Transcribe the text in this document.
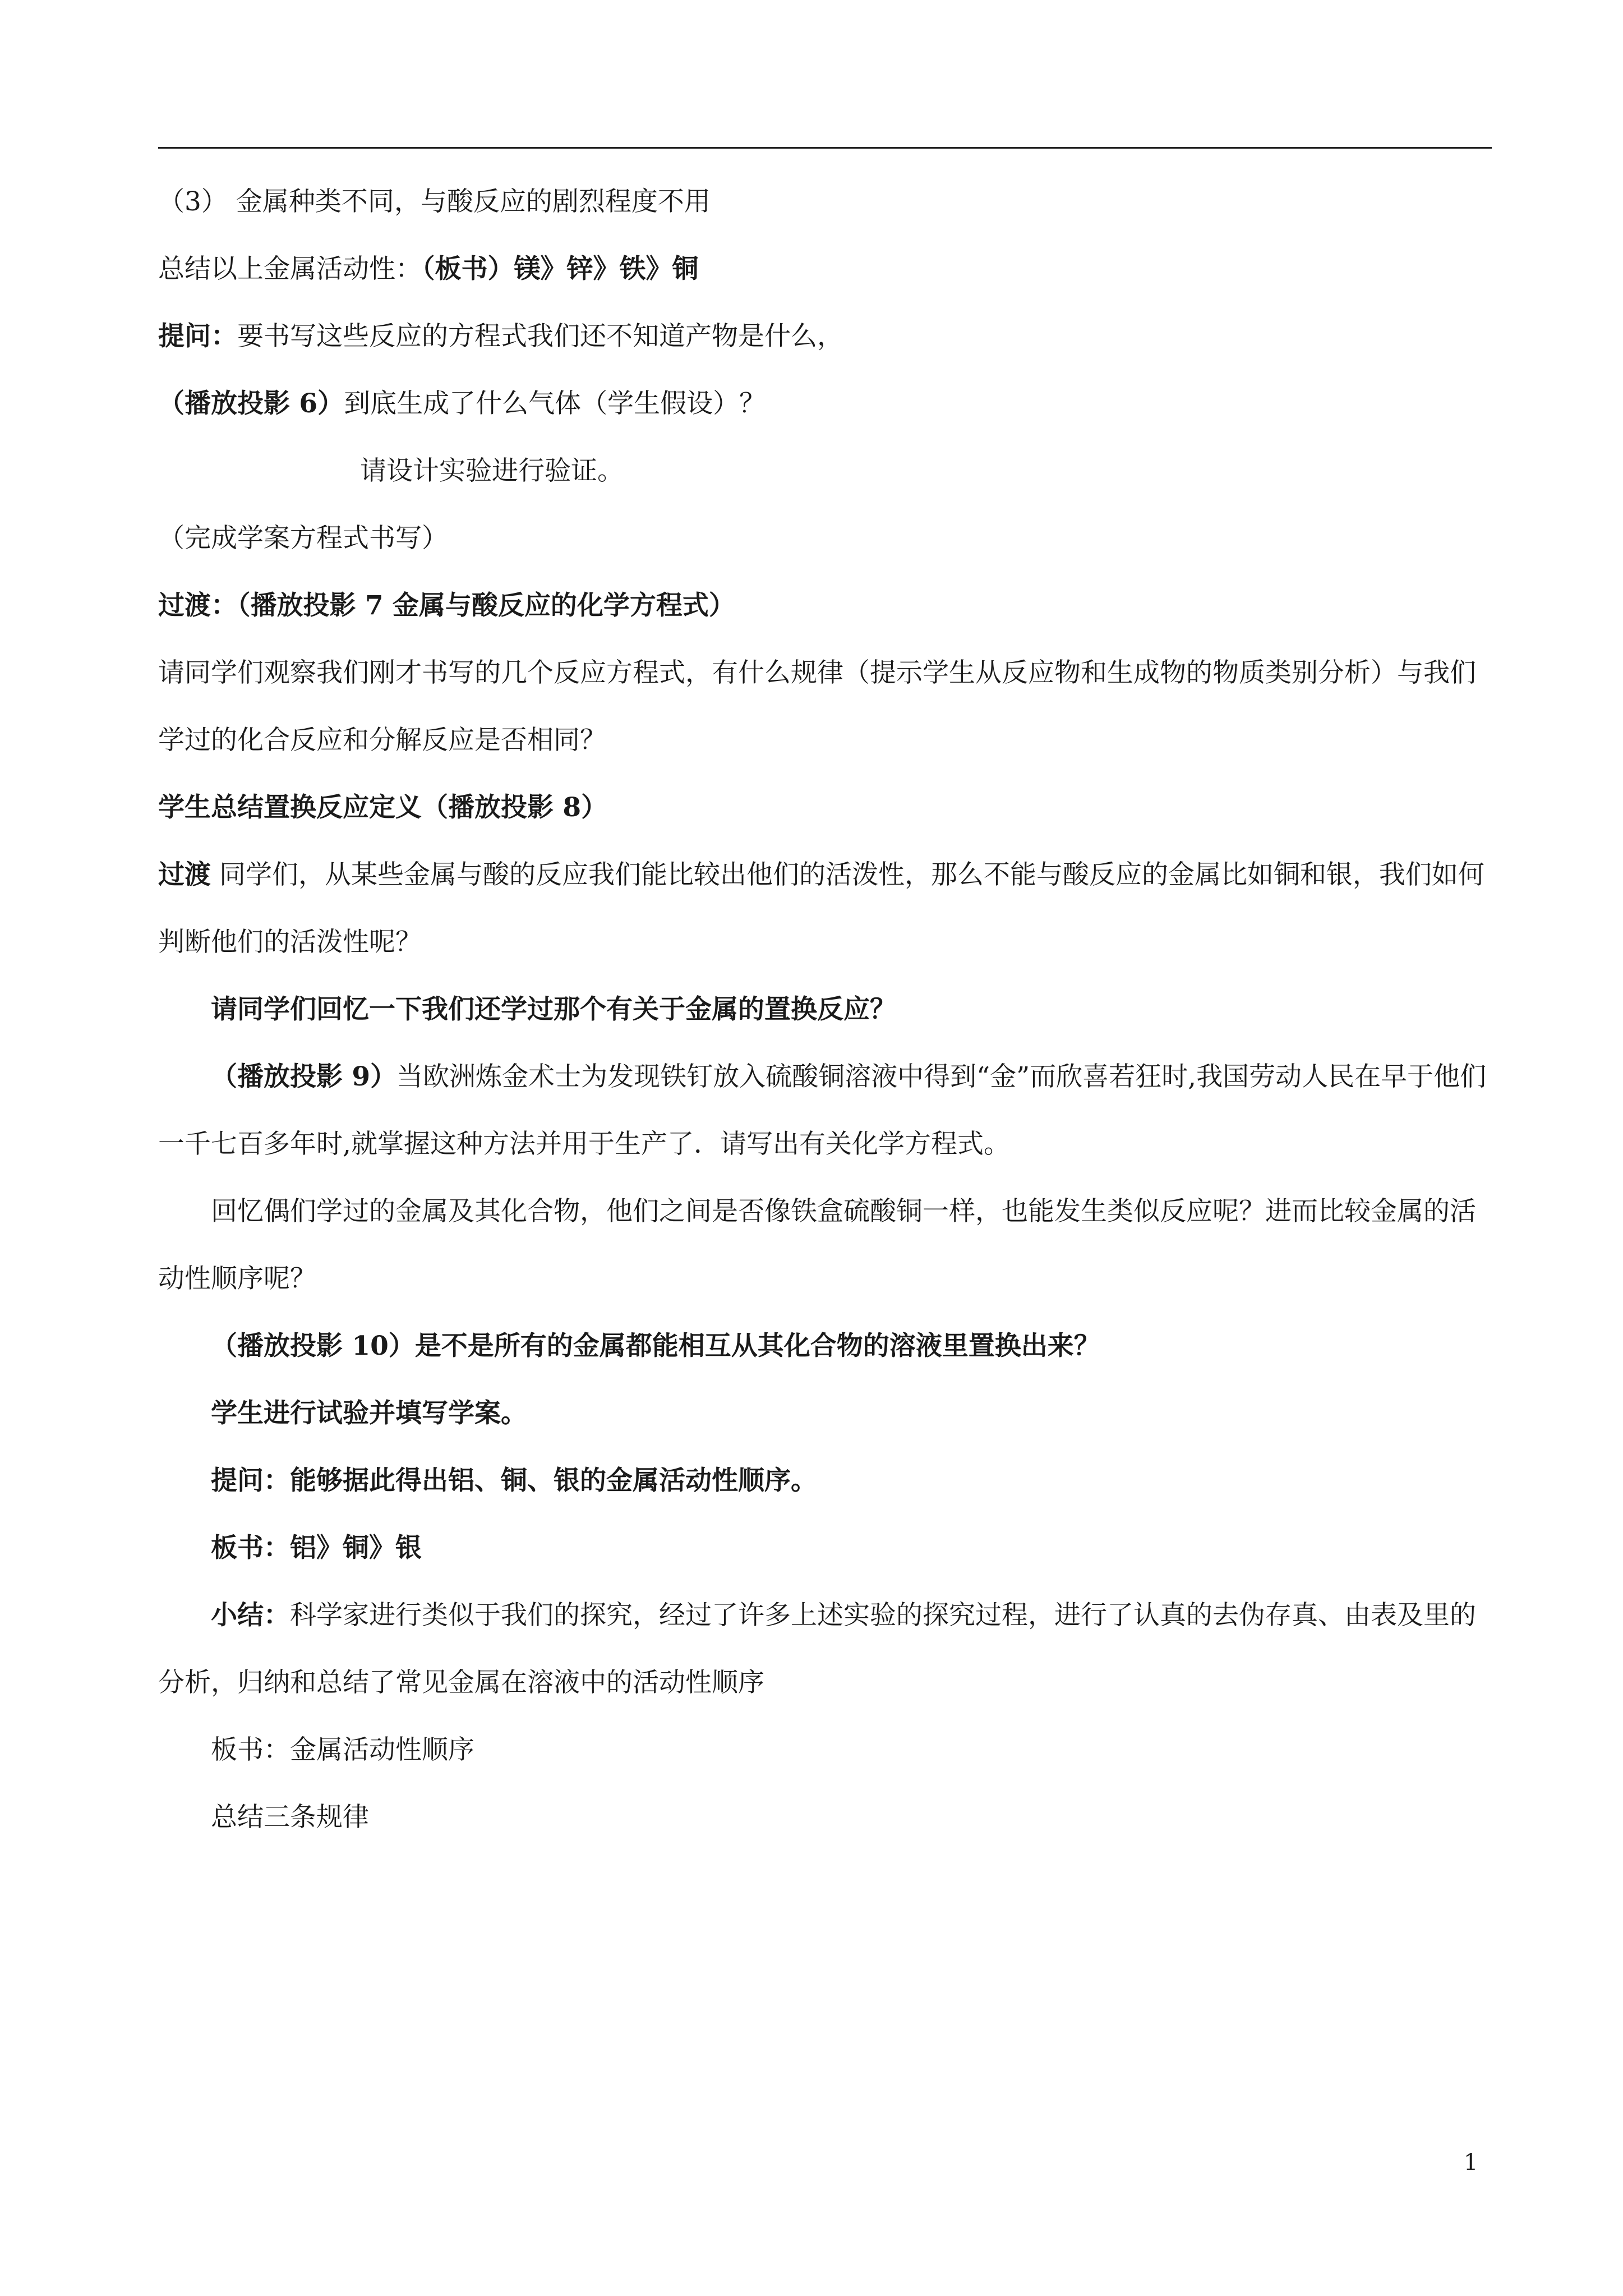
（3） 金属种类不同，与酸反应的剧烈程度不用

总结以上金属活动性：（板书）镁》锌》铁》铜

提问：要书写这些反应的方程式我们还不知道产物是什么，

（播放投影 6）到底生成了什么气体（学生假设）？

请设计实验进行验证。

（完成学案方程式书写）

过渡：（播放投影 7 金属与酸反应的化学方程式）

请同学们观察我们刚才书写的几个反应方程式，有什么规律（提示学生从反应物和生成物的物质类别分析）与我们学过的化合反应和分解反应是否相同？

学生总结置换反应定义（播放投影 8）

过渡 同学们，从某些金属与酸的反应我们能比较出他们的活泼性，那么不能与酸反应的金属比如铜和银，我们如何判断他们的活泼性呢？

请同学们回忆一下我们还学过那个有关于金属的置换反应？

（播放投影 9）当欧洲炼金术士为发现铁钉放入硫酸铜溶液中得到“金”而欣喜若狂时,我国劳动人民在早于他们一千七百多年时,就掌握这种方法并用于生产了．请写出有关化学方程式。

回忆偶们学过的金属及其化合物，他们之间是否像铁盒硫酸铜一样，也能发生类似反应呢？进而比较金属的活动性顺序呢？

（播放投影 10）是不是所有的金属都能相互从其化合物的溶液里置换出来？

学生进行试验并填写学案。

提问：能够据此得出铝、铜、银的金属活动性顺序。

板书：铝》铜》银

小结：科学家进行类似于我们的探究，经过了许多上述实验的探究过程，进行了认真的去伪存真、由表及里的分析，归纳和总结了常见金属在溶液中的活动性顺序

板书：金属活动性顺序

总结三条规律

1
